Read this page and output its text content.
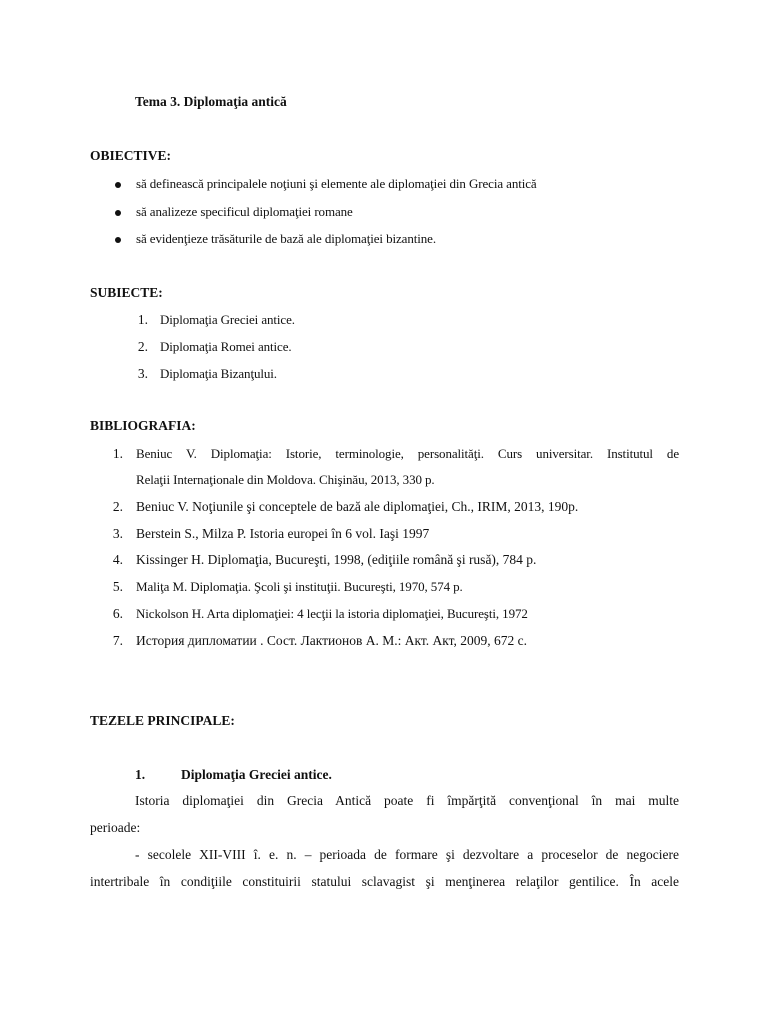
Tema 3. Diplomaţia antică
OBIECTIVE:
să definească principalele noţiuni şi elemente ale diplomaţiei din Grecia antică
să analizeze specificul diplomaţiei romane
să evidenţieze trăsăturile de bază ale diplomaţiei bizantine.
SUBIECTE:
1. Diplomaţia Greciei antice.
2. Diplomaţia Romei antice.
3. Diplomaţia Bizanţului.
BIBLIOGRAFIA:
1. Beniuc V. Diplomaţia: Istorie, terminologie, personalităţi. Curs universitar. Institutul de
Relaţii Internaţionale din Moldova. Chişinău, 2013, 330 p.
2. Beniuc V. Noţiunile şi conceptele de bază ale diplomaţiei, Ch., IRIM, 2013, 190p.
3. Berstein S., Milza P. Istoria europei în 6 vol. Iaşi 1997
4. Kissinger H. Diplomaţia, Bucureşti, 1998, (ediţiile română şi rusă), 784 p.
5. Maliţa M. Diplomaţia. Şcoli şi instituţii. Bucureşti, 1970, 574 p.
6. Nickolson H. Arta diplomaţiei: 4 lecţii la istoria diplomaţiei, Bucureşti, 1972
7. История дипломатии . Сост. Лактионов А. М.: Акт. Акт, 2009, 672 с.
TEZELE PRINCIPALE:
1.	Diplomaţia Greciei antice.
Istoria diplomaţiei din Grecia Antică poate fi împărţită convenţional în mai multe
perioade:
- secolele XII-VIII î. e. n. – perioada de formare şi dezvoltare a proceselor de negociere
intertribale în condiţiile constituirii statului sclavagist şi menţinerea relaţilor gentilice. În acele
